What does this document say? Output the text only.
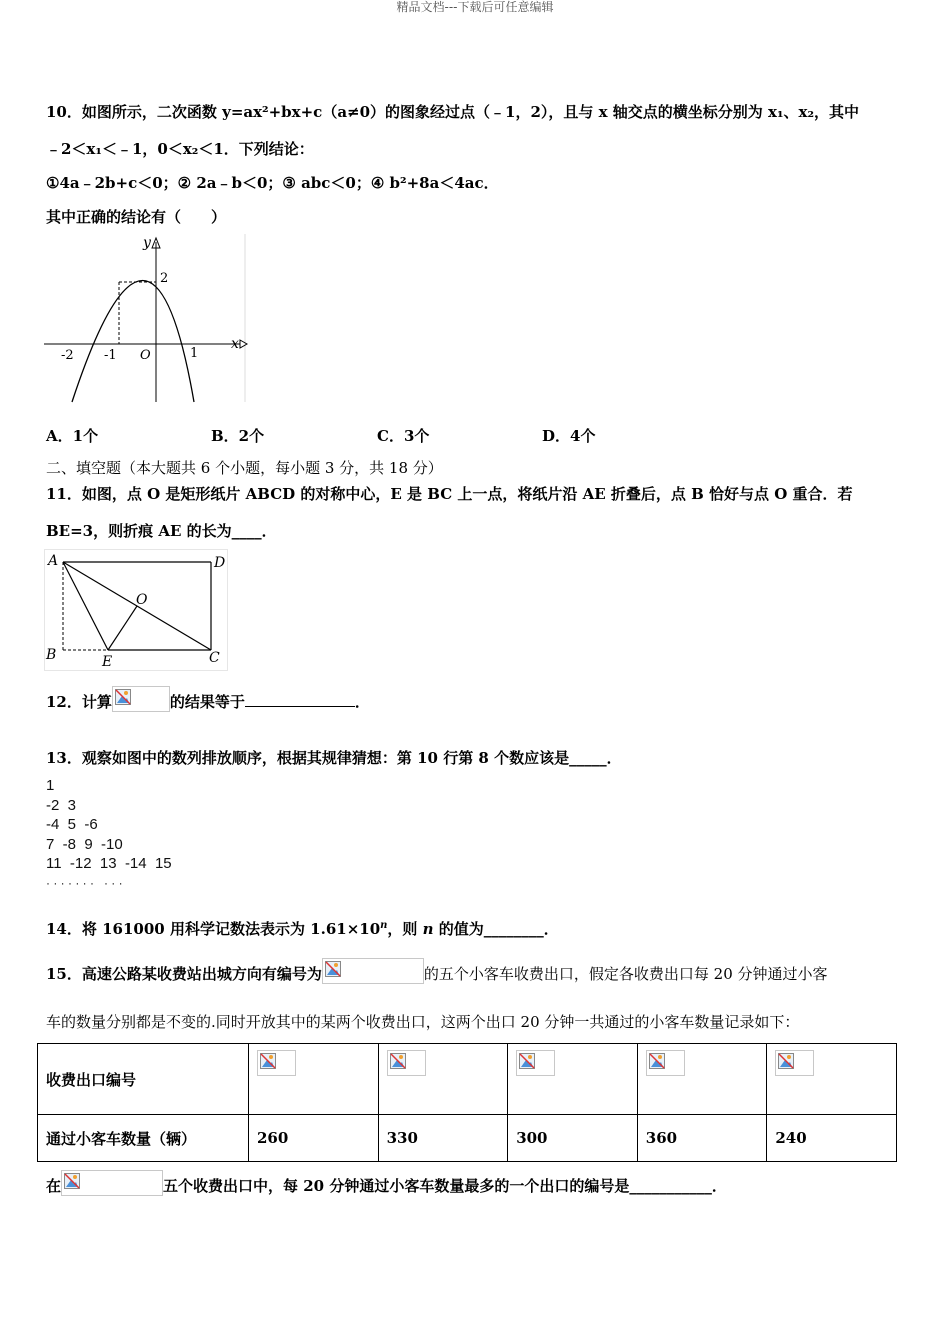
精品文档---下载后可任意编辑
10．如图所示，二次函数 y=ax²+bx+c（a≠0）的图象经过点（﹣1，2），且与 x 轴交点的横坐标分别为 x₁、x₂，其中
﹣2＜x₁＜﹣1，0＜x₂＜1．下列结论：
①4a﹣2b+c＜0；② 2a﹣b＜0；③ abc＜0；④ b²+8a＜4ac．
其中正确的结论有（　　）
y
x
2
-2 -1 O	1
A．1个	B．2个	C．3个	D．4个
二、填空题（本大题共 6 个小题，每小题 3 分，共 18 分）
11．如图，点 O 是矩形纸片 ABCD 的对称中心，E 是 BC 上一点，将纸片沿 AE 折叠后，点 B 恰好与点 O 重合．若
BE=3，则折痕 AE 的长为____．
A	D
O
B	E	C
12．计算	的结果等于	．
13．观察如图中的数列排放顺序，根据其规律猜想：第 10 行第 8 个数应该是_____．
1
-2  3
-4  5  -6
7  -8  9  -10
11  -12  13  -14  15
· · · · · · ·   · · ·
14．将 161000 用科学记数法表示为 $1.61\times 10^n$，则 n 的值为________．
15．高速公路某收费站出城方向有编号为	的五个小客车收费出口，假定各收费出口每 20 分钟通过小客
车的数量分别都是不变的.同时开放其中的某两个收费出口，这两个出口 20 分钟一共通过的小客车数量记录如下：
收费出口编号	

通过小客车数量（辆）	260	330	300	360	240
在	五个收费出口中，每 20 分钟通过小客车数量最多的一个出口的编号是___________．
